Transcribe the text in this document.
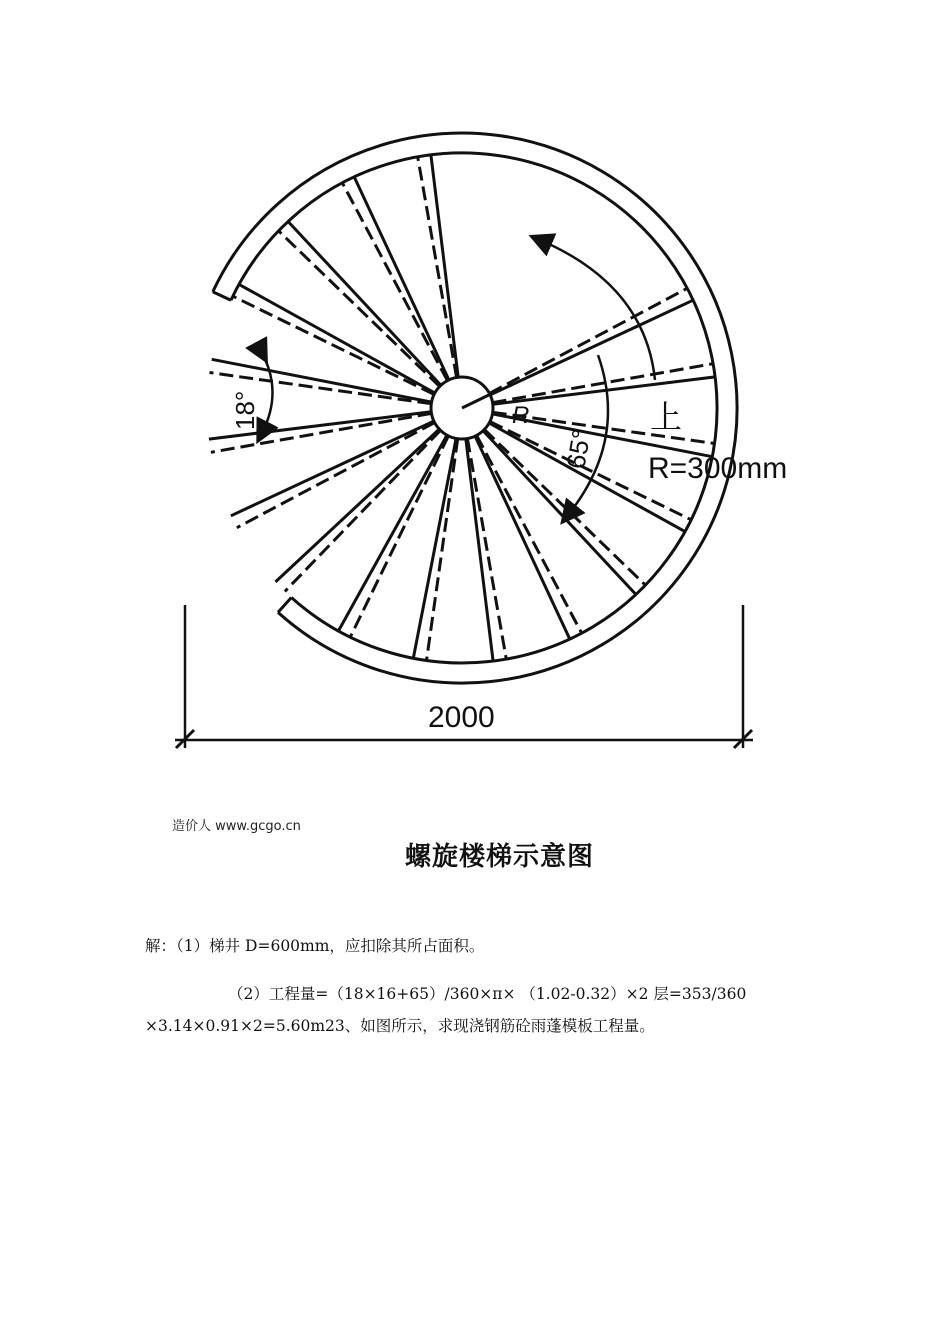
R
18°
65°
上
R=300mm
2000
造价人 www.gcgo.cn
螺旋楼梯示意图
解：（1）梯井 D=600mm，应扣除其所占面积。
（2）工程量=（18×16+65）/360×π× （1.02-0.32）×2 层=353/360
×3.14×0.91×2=5.60m23、如图所示，求现浇钢筋砼雨蓬模板工程量。
